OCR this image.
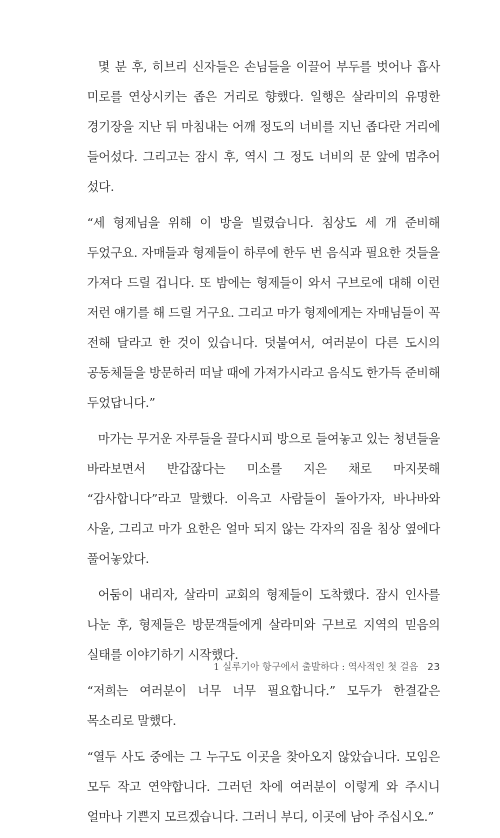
몇 분 후, 히브리 신자들은 손님들을 이끌어 부두를 벗어나 흡사 미로를 연상시키는 좁은 거리로 향했다. 일행은 살라미의 유명한 경기장을 지난 뒤 마침내는 어깨 정도의 너비를 지닌 좁다란 거리에 들어섰다. 그리고는 잠시 후, 역시 그 정도 너비의 문 앞에 멈추어 섰다.

“세 형제님을 위해 이 방을 빌렸습니다. 침상도 세 개 준비해 두었구요. 자매들과 형제들이 하루에 한두 번 음식과 필요한 것들을 가져다 드릴 겁니다. 또 밤에는 형제들이 와서 구브로에 대해 이런 저런 얘기를 해 드릴 거구요. 그리고 마가 형제에게는 자매님들이 꼭 전해 달라고 한 것이 있습니다. 덧붙여서, 여러분이 다른 도시의 공동체들을 방문하러 떠날 때에 가져가시라고 음식도 한가득 준비해 두었답니다.”

마가는 무거운 자루들을 끌다시피 방으로 들여놓고 있는 청년들을 바라보면서 반갑잖다는 미소를 지은 채로 마지못해 “감사합니다”라고 말했다. 이윽고 사람들이 돌아가자, 바나바와 사울, 그리고 마가 요한은 얼마 되지 않는 각자의 짐을 침상 옆에다 풀어놓았다.

어둠이 내리자, 살라미 교회의 형제들이 도착했다. 잠시 인사를 나눈 후, 형제들은 방문객들에게 살라미와 구브로 지역의 믿음의 실태를 이야기하기 시작했다.

“저희는 여러분이 너무 너무 필요합니다.” 모두가 한결같은 목소리로 말했다.

“열두 사도 중에는 그 누구도 이곳을 찾아오지 않았습니다. 모임은 모두 작고 연약합니다. 그러던 차에 여러분이 이렇게 와 주시니 얼마나 기쁜지 모르겠습니다. 그러니 부디, 이곳에 남아 주십시오.”

1 실루기아 항구에서 출발하다 : 역사적인 첫 걸음 23
